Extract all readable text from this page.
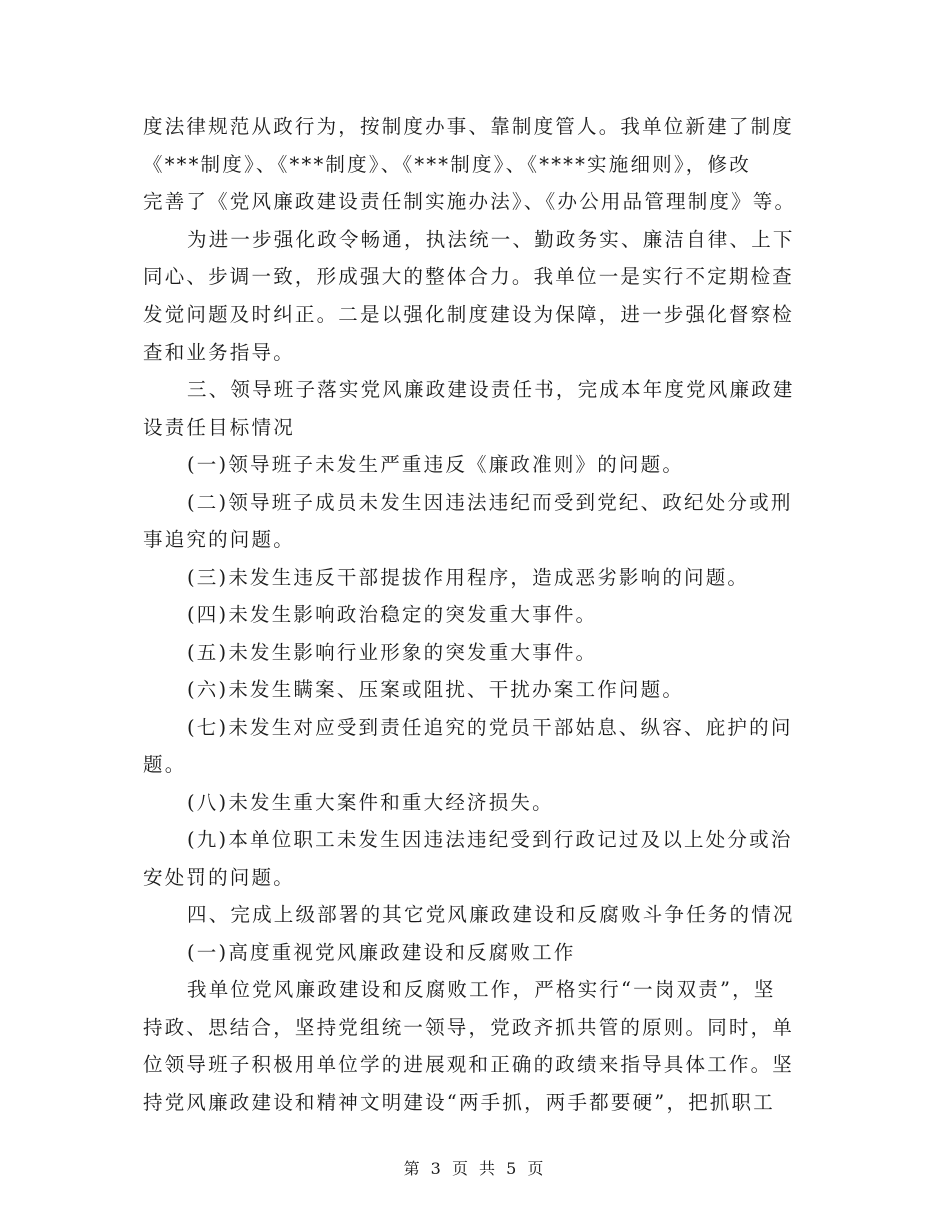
度法律规范从政行为，按制度办事、靠制度管人。我单位新建了制度
《***制度》、《***制度》、《***制度》、《****实施细则》，修改
完善了《党风廉政建设责任制实施办法》、《办公用品管理制度》等。
为进一步强化政令畅通，执法统一、勤政务实、廉洁自律、上下
同心、步调一致，形成强大的整体合力。我单位一是实行不定期检查
发觉问题及时纠正。二是以强化制度建设为保障，进一步强化督察检
查和业务指导。
三、领导班子落实党风廉政建设责任书，完成本年度党风廉政建
设责任目标情况
(一)领导班子未发生严重违反《廉政准则》的问题。
(二)领导班子成员未发生因违法违纪而受到党纪、政纪处分或刑
事追究的问题。
(三)未发生违反干部提拔作用程序，造成恶劣影响的问题。
(四)未发生影响政治稳定的突发重大事件。
(五)未发生影响行业形象的突发重大事件。
(六)未发生瞒案、压案或阻扰、干扰办案工作问题。
(七)未发生对应受到责任追究的党员干部姑息、纵容、庇护的问
题。
(八)未发生重大案件和重大经济损失。
(九)本单位职工未发生因违法违纪受到行政记过及以上处分或治
安处罚的问题。
四、完成上级部署的其它党风廉政建设和反腐败斗争任务的情况
(一)高度重视党风廉政建设和反腐败工作
我单位党风廉政建设和反腐败工作，严格实行“一岗双责”，坚
持政、思结合，坚持党组统一领导，党政齐抓共管的原则。同时，单
位领导班子积极用单位学的进展观和正确的政绩来指导具体工作。坚
持党风廉政建设和精神文明建设“两手抓，两手都要硬”，把抓职工
第 3 页 共 5 页
